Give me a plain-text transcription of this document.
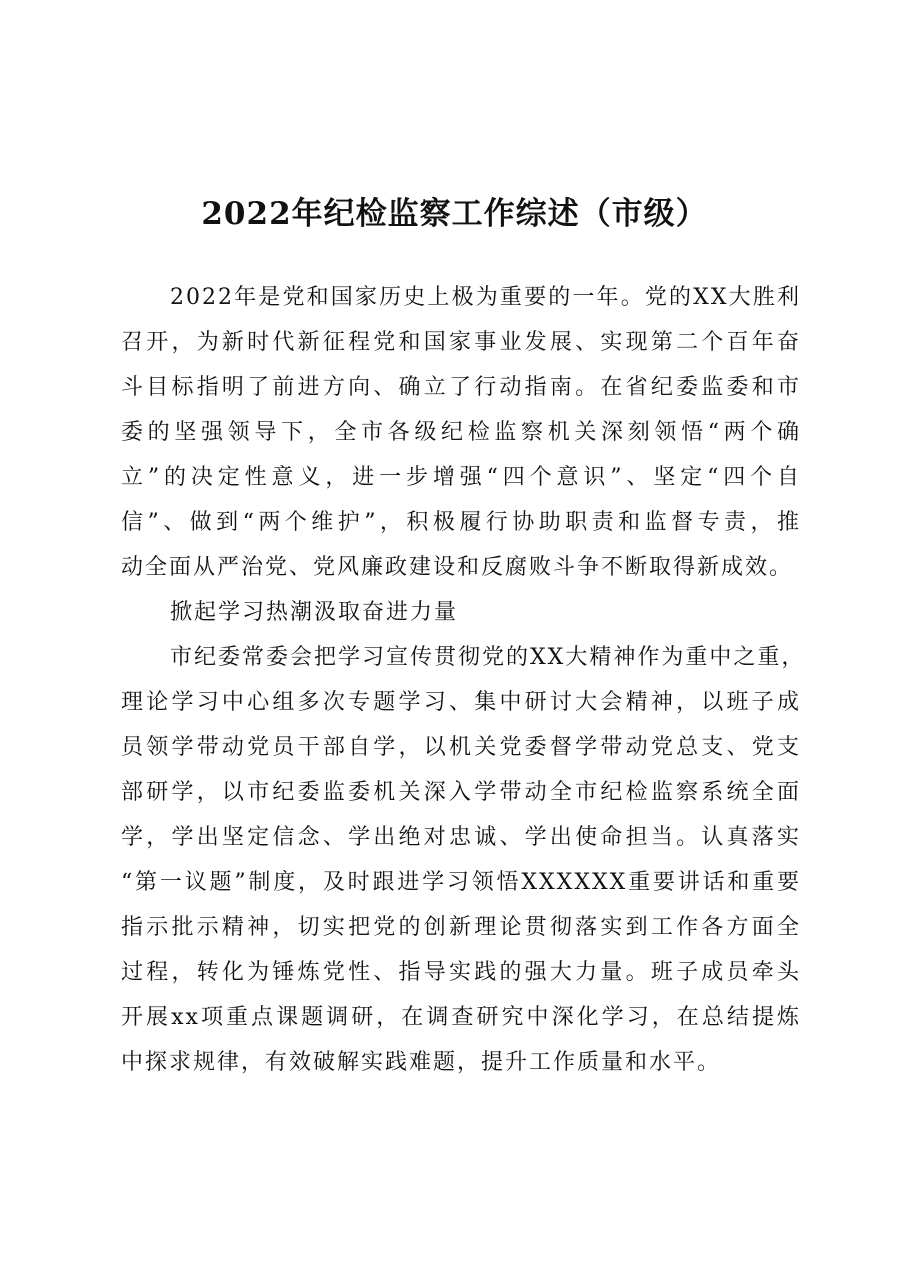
2022年纪检监察工作综述（市级）
2022年是党和国家历史上极为重要的一年。党的XX大胜利
召开，为新时代新征程党和国家事业发展、实现第二个百年奋
斗目标指明了前进方向、确立了行动指南。在省纪委监委和市
委的坚强领导下，全市各级纪检监察机关深刻领悟“两个确
立”的决定性意义，进一步增强“四个意识”、坚定“四个自
信”、做到“两个维护”，积极履行协助职责和监督专责，推
动全面从严治党、党风廉政建设和反腐败斗争不断取得新成效。
掀起学习热潮汲取奋进力量
市纪委常委会把学习宣传贯彻党的XX大精神作为重中之重，
理论学习中心组多次专题学习、集中研讨大会精神，以班子成
员领学带动党员干部自学，以机关党委督学带动党总支、党支
部研学，以市纪委监委机关深入学带动全市纪检监察系统全面
学，学出坚定信念、学出绝对忠诚、学出使命担当。认真落实
“第一议题”制度，及时跟进学习领悟XXXXXX重要讲话和重要
指示批示精神，切实把党的创新理论贯彻落实到工作各方面全
过程，转化为锤炼党性、指导实践的强大力量。班子成员牵头
开展xx项重点课题调研，在调查研究中深化学习，在总结提炼
中探求规律，有效破解实践难题，提升工作质量和水平。
